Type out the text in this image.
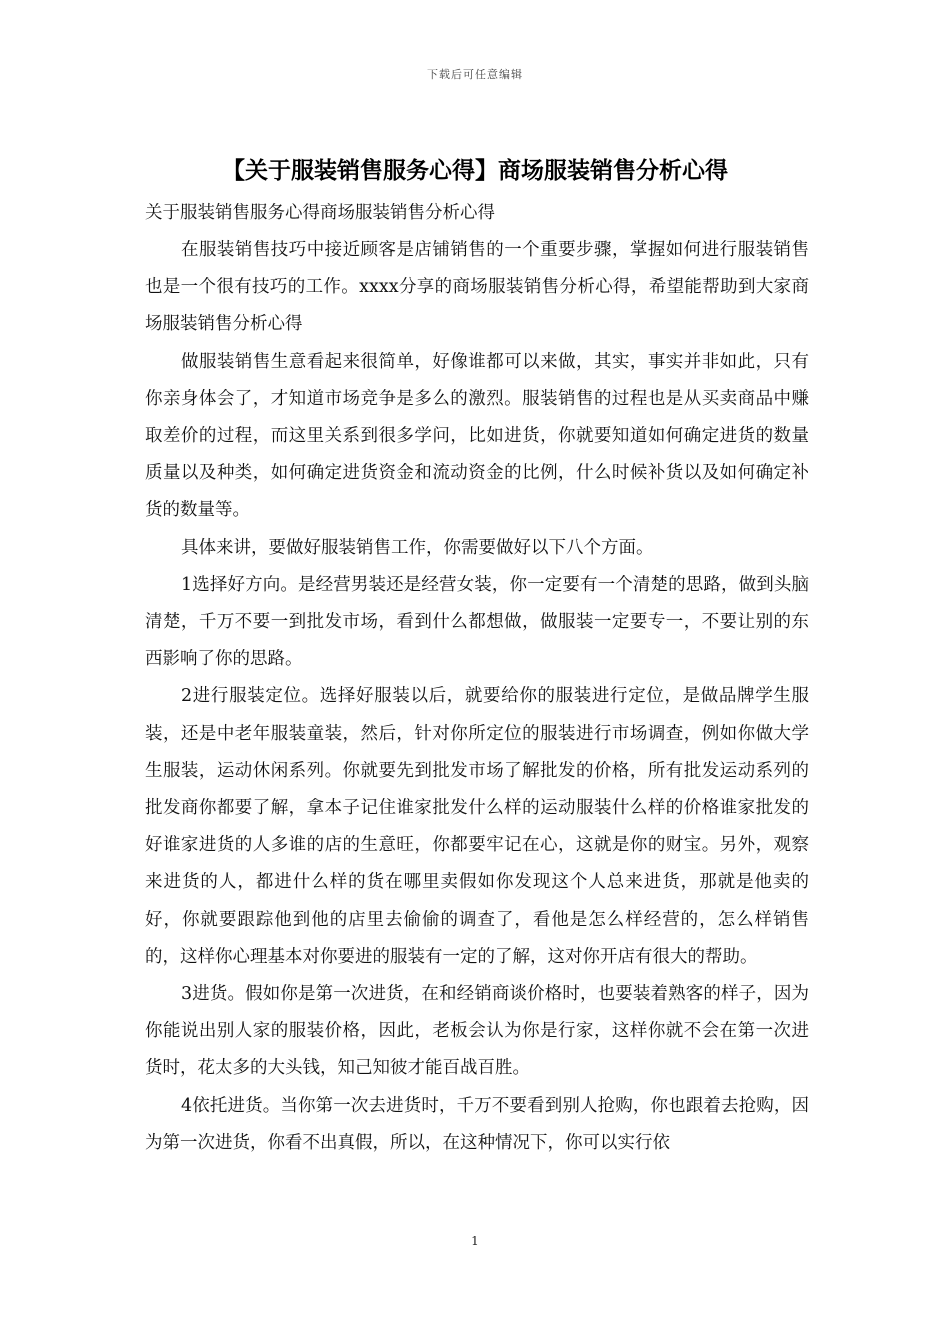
下载后可任意编辑
【关于服装销售服务心得】商场服装销售分析心得

关于服装销售服务心得商场服装销售分析心得

在服装销售技巧中接近顾客是店铺销售的一个重要步骤，掌握如何进行服装销售也是一个很有技巧的工作。xxxx分享的商场服装销售分析心得，希望能帮助到大家商场服装销售分析心得

做服装销售生意看起来很简单，好像谁都可以来做，其实，事实并非如此，只有你亲身体会了，才知道市场竞争是多么的激烈。服装销售的过程也是从买卖商品中赚取差价的过程，而这里关系到很多学问，比如进货，你就要知道如何确定进货的数量质量以及种类，如何确定进货资金和流动资金的比例，什么时候补货以及如何确定补货的数量等。

具体来讲，要做好服装销售工作，你需要做好以下八个方面。

1选择好方向。是经营男装还是经营女装，你一定要有一个清楚的思路，做到头脑清楚，千万不要一到批发市场，看到什么都想做，做服装一定要专一，不要让别的东西影响了你的思路。

2进行服装定位。选择好服装以后，就要给你的服装进行定位，是做品牌学生服装，还是中老年服装童装，然后，针对你所定位的服装进行市场调查，例如你做大学生服装，运动休闲系列。你就要先到批发市场了解批发的价格，所有批发运动系列的批发商你都要了解，拿本子记住谁家批发什么样的运动服装什么样的价格谁家批发的好谁家进货的人多谁的店的生意旺，你都要牢记在心，这就是你的财宝。另外，观察来进货的人，都进什么样的货在哪里卖假如你发现这个人总来进货，那就是他卖的好，你就要跟踪他到他的店里去偷偷的调查了，看他是怎么样经营的，怎么样销售的，这样你心理基本对你要进的服装有一定的了解，这对你开店有很大的帮助。

3进货。假如你是第一次进货，在和经销商谈价格时，也要装着熟客的样子，因为你能说出别人家的服装价格，因此，老板会认为你是行家，这样你就不会在第一次进货时，花太多的大头钱，知己知彼才能百战百胜。

4依托进货。当你第一次去进货时，千万不要看到别人抢购，你也跟着去抢购，因为第一次进货，你看不出真假，所以，在这种情况下，你可以实行依

1
